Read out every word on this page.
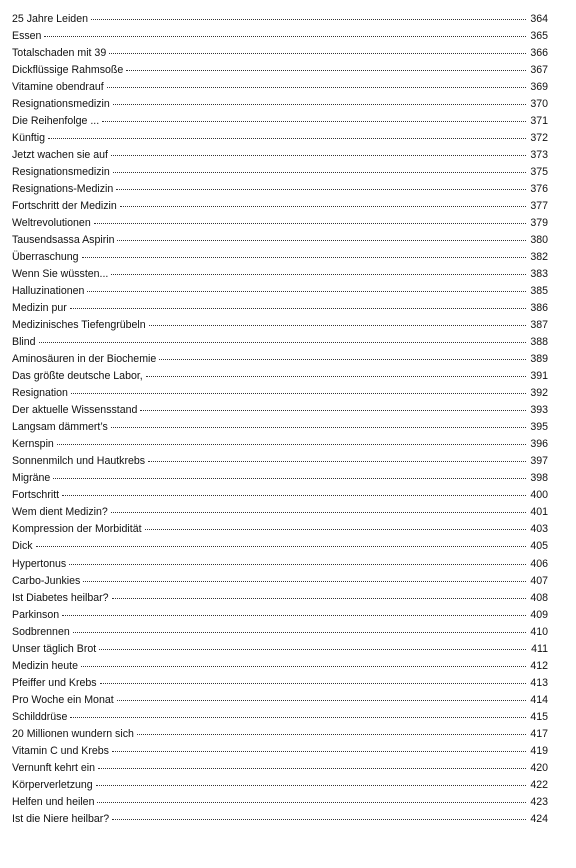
25 Jahre Leiden	364
Essen	365
Totalschaden mit 39	366
Dickflüssige Rahmsoße	367
Vitamine obendrauf	369
Resignationsmedizin	370
Die Reihenfolge ...	371
Künftig	372
Jetzt wachen sie auf	373
Resignationsmedizin	375
Resignations-Medizin	376
Fortschritt der Medizin	377
Weltrevolutionen	379
Tausendsassa Aspirin	380
Überraschung	382
Wenn Sie wüssten...	383
Halluzinationen	385
Medizin pur	386
Medizinisches Tiefengrübeln	387
Blind	388
Aminosäuren in der Biochemie	389
Das größte deutsche Labor,	391
Resignation	392
Der aktuelle Wissensstand	393
Langsam dämmert’s	395
Kernspin	396
Sonnenmilch und Hautkrebs	397
Migräne	398
Fortschritt	400
Wem dient Medizin?	401
Kompression der Morbidität	403
Dick	405
Hypertonus	406
Carbo-Junkies	407
Ist Diabetes heilbar?	408
Parkinson	409
Sodbrennen	410
Unser täglich Brot	411
Medizin heute	412
Pfeiffer und Krebs	413
Pro Woche ein Monat	414
Schilddrüse	415
20 Millionen wundern sich	417
Vitamin C und Krebs	419
Vernunft kehrt ein	420
Körperverletzung	422
Helfen und heilen	423
Ist die Niere heilbar?	424
